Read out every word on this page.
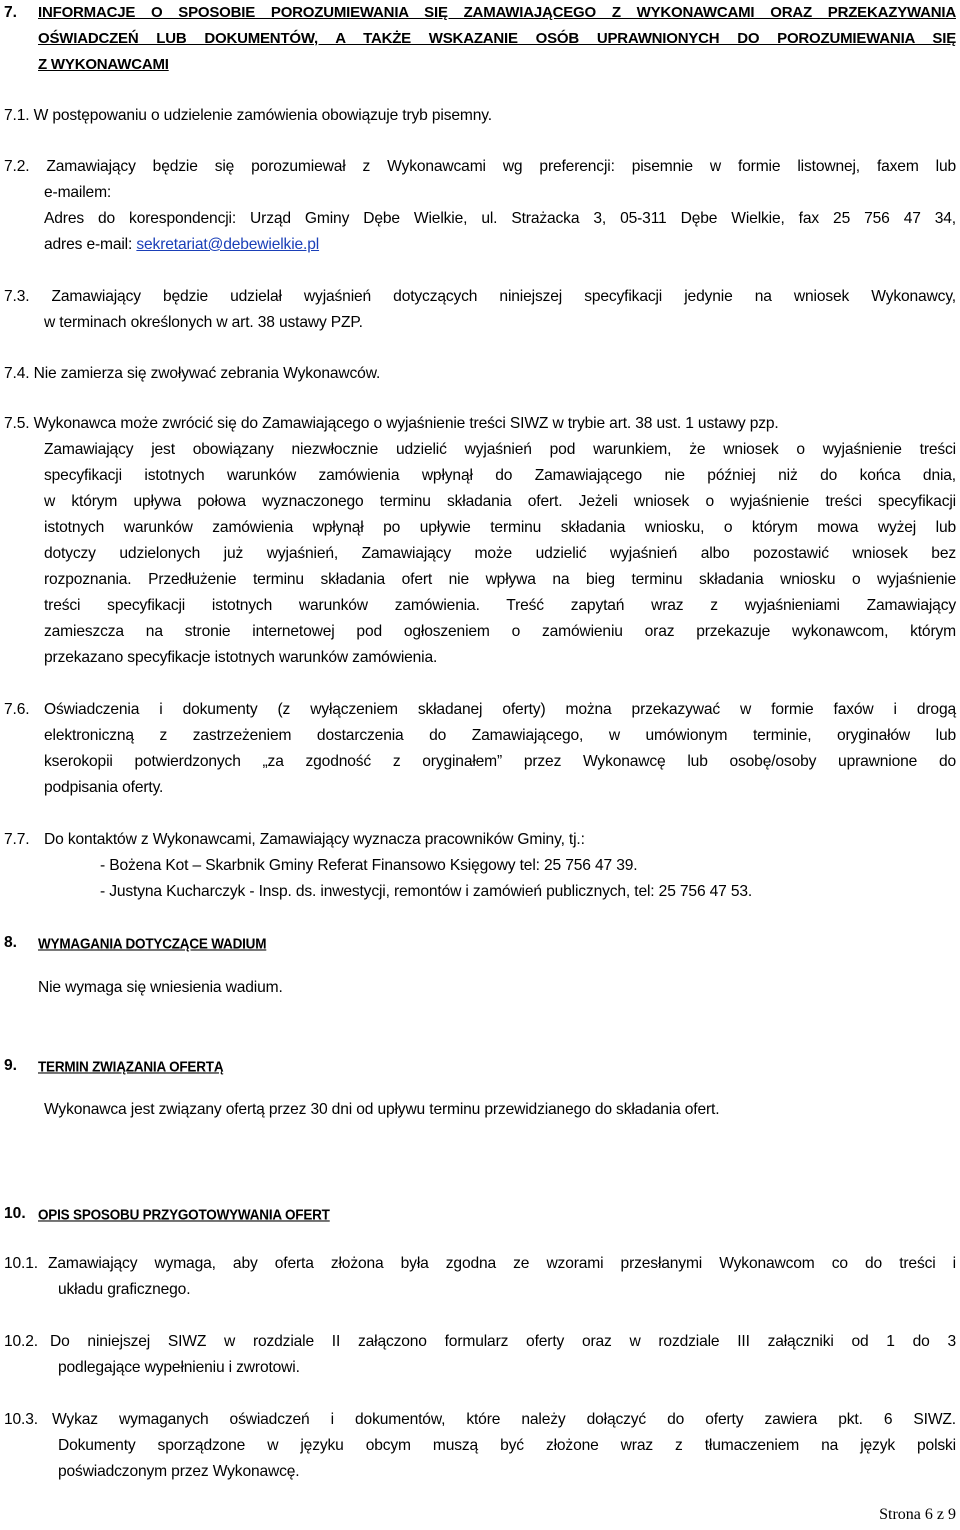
7. INFORMACJE O SPOSOBIE POROZUMIEWANIA SIĘ ZAMAWIAJĄCEGO Z WYKONAWCAMI ORAZ PRZEKAZYWANIA
OŚWIADCZEŃ LUB DOKUMENTÓW, A TAKŻE WSKAZANIE OSÓB UPRAWNIONYCH DO POROZUMIEWANIA SIĘ
Z WYKONAWCAMI
7.1. W postępowaniu o udzielenie zamówienia obowiązuje tryb pisemny.
7.2. Zamawiający będzie się porozumiewał z Wykonawcami wg preferencji: pisemnie w formie listownej, faxem lub
e-mailem:
Adres do korespondencji: Urząd Gminy Dębe Wielkie, ul. Strażacka 3, 05-311 Dębe Wielkie, fax 25 756 47 34,
adres e-mail: sekretariat@debewielkie.pl
7.3. Zamawiający będzie udzielał wyjaśnień dotyczących niniejszej specyfikacji jedynie na wniosek Wykonawcy,
w terminach określonych w art. 38 ustawy PZP.
7.4. Nie zamierza się zwoływać zebrania Wykonawców.
7.5. Wykonawca może zwrócić się do Zamawiającego o wyjaśnienie treści SIWZ w trybie art. 38 ust. 1 ustawy pzp.
Zamawiający jest obowiązany niezwłocznie udzielić wyjaśnień pod warunkiem, że wniosek o wyjaśnienie treści
specyfikacji istotnych warunków zamówienia wpłynął do Zamawiającego nie później niż do końca dnia,
w którym upływa połowa wyznaczonego terminu składania ofert. Jeżeli wniosek o wyjaśnienie treści specyfikacji
istotnych warunków zamówienia wpłynął po upływie terminu składania wniosku, o którym mowa wyżej lub
dotyczy udzielonych już wyjaśnień, Zamawiający może udzielić wyjaśnień albo pozostawić wniosek bez
rozpoznania. Przedłużenie terminu składania ofert nie wpływa na bieg terminu składania wniosku o wyjaśnienie
treści specyfikacji istotnych warunków zamówienia. Treść zapytań wraz z wyjaśnieniami Zamawiający
zamieszcza na stronie internetowej pod ogłoszeniem o zamówieniu oraz przekazuje wykonawcom, którym
przekazano specyfikacje istotnych warunków zamówienia.
7.6. Oświadczenia i dokumenty (z wyłączeniem składanej oferty) można przekazywać w formie faxów i drogą
elektroniczną z zastrzeżeniem dostarczenia do Zamawiającego, w umówionym terminie, oryginałów lub
kserokopii potwierdzonych „za zgodność z oryginałem” przez Wykonawcę lub osobę/osoby uprawnione do
podpisania oferty.
7.7. Do kontaktów z Wykonawcami, Zamawiający wyznacza pracowników Gminy, tj.:
- Bożena Kot – Skarbnik Gminy Referat Finansowo Księgowy tel: 25 756 47 39.
- Justyna Kucharczyk - Insp. ds. inwestycji, remontów i zamówień publicznych, tel: 25 756 47 53.
8. WYMAGANIA DOTYCZĄCE WADIUM
Nie wymaga się wniesienia wadium.
9. TERMIN ZWIĄZANIA OFERTĄ
Wykonawca jest związany ofertą przez 30 dni od upływu terminu przewidzianego do składania ofert.
10. OPIS SPOSOBU PRZYGOTOWYWANIA OFERT
10.1. Zamawiający wymaga, aby oferta złożona była zgodna ze wzorami przesłanymi Wykonawcom co do treści i
układu graficznego.
10.2. Do niniejszej SIWZ w rozdziale II załączono formularz oferty oraz w rozdziale III załączniki od 1 do 3
podlegające wypełnieniu i zwrotowi.
10.3. Wykaz wymaganych oświadczeń i dokumentów, które należy dołączyć do oferty zawiera pkt. 6 SIWZ.
Dokumenty sporządzone w języku obcym muszą być złożone wraz z tłumaczeniem na język polski
poświadczonym przez Wykonawcę.
Strona 6 z 9
